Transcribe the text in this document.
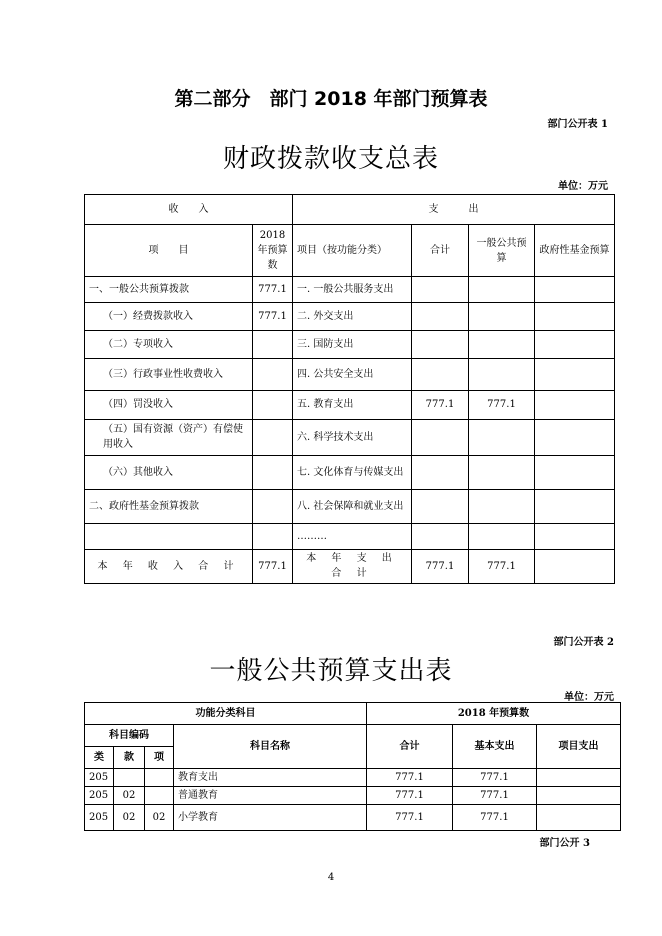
第二部分　部门 2018 年部门预算表
部门公开表 1
财政拨款收支总表
单位：万元
收　　入		支　　　出			
项　　目	2018年预算数	项目（按功能分类）	合计	一般公共预算	政府性基金预算
一、一般公共预算拨款	777.1	一. 一般公共服务支出			
（一）经费拨款收入	777.1	二. 外交支出			
（二）专项收入		三. 国防支出			
（三）行政事业性收费收入		四. 公共安全支出			
（四）罚没收入		五. 教育支出	777.1	777.1	
（五）国有资源（资产）有偿使用收入		六. 科学技术支出			
（六）其他收入		七. 文化体育与传媒支出			
二、政府性基金预算拨款		八. 社会保障和就业支出			
		………			
本 年 收 入 合 计	777.1	本 年 支 出 合 计	777.1	777.1	
部门公开表 2
一般公共预算支出表
单位：万元
功能分类科目				2018 年预算数		
科目编码			科目名称	合计	基本支出	项目支出
类	款	项				
205			教育支出	777.1	777.1	
205	02		普通教育	777.1	777.1	
205	02	02	小学教育	777.1	777.1	
部门公开 3
4
